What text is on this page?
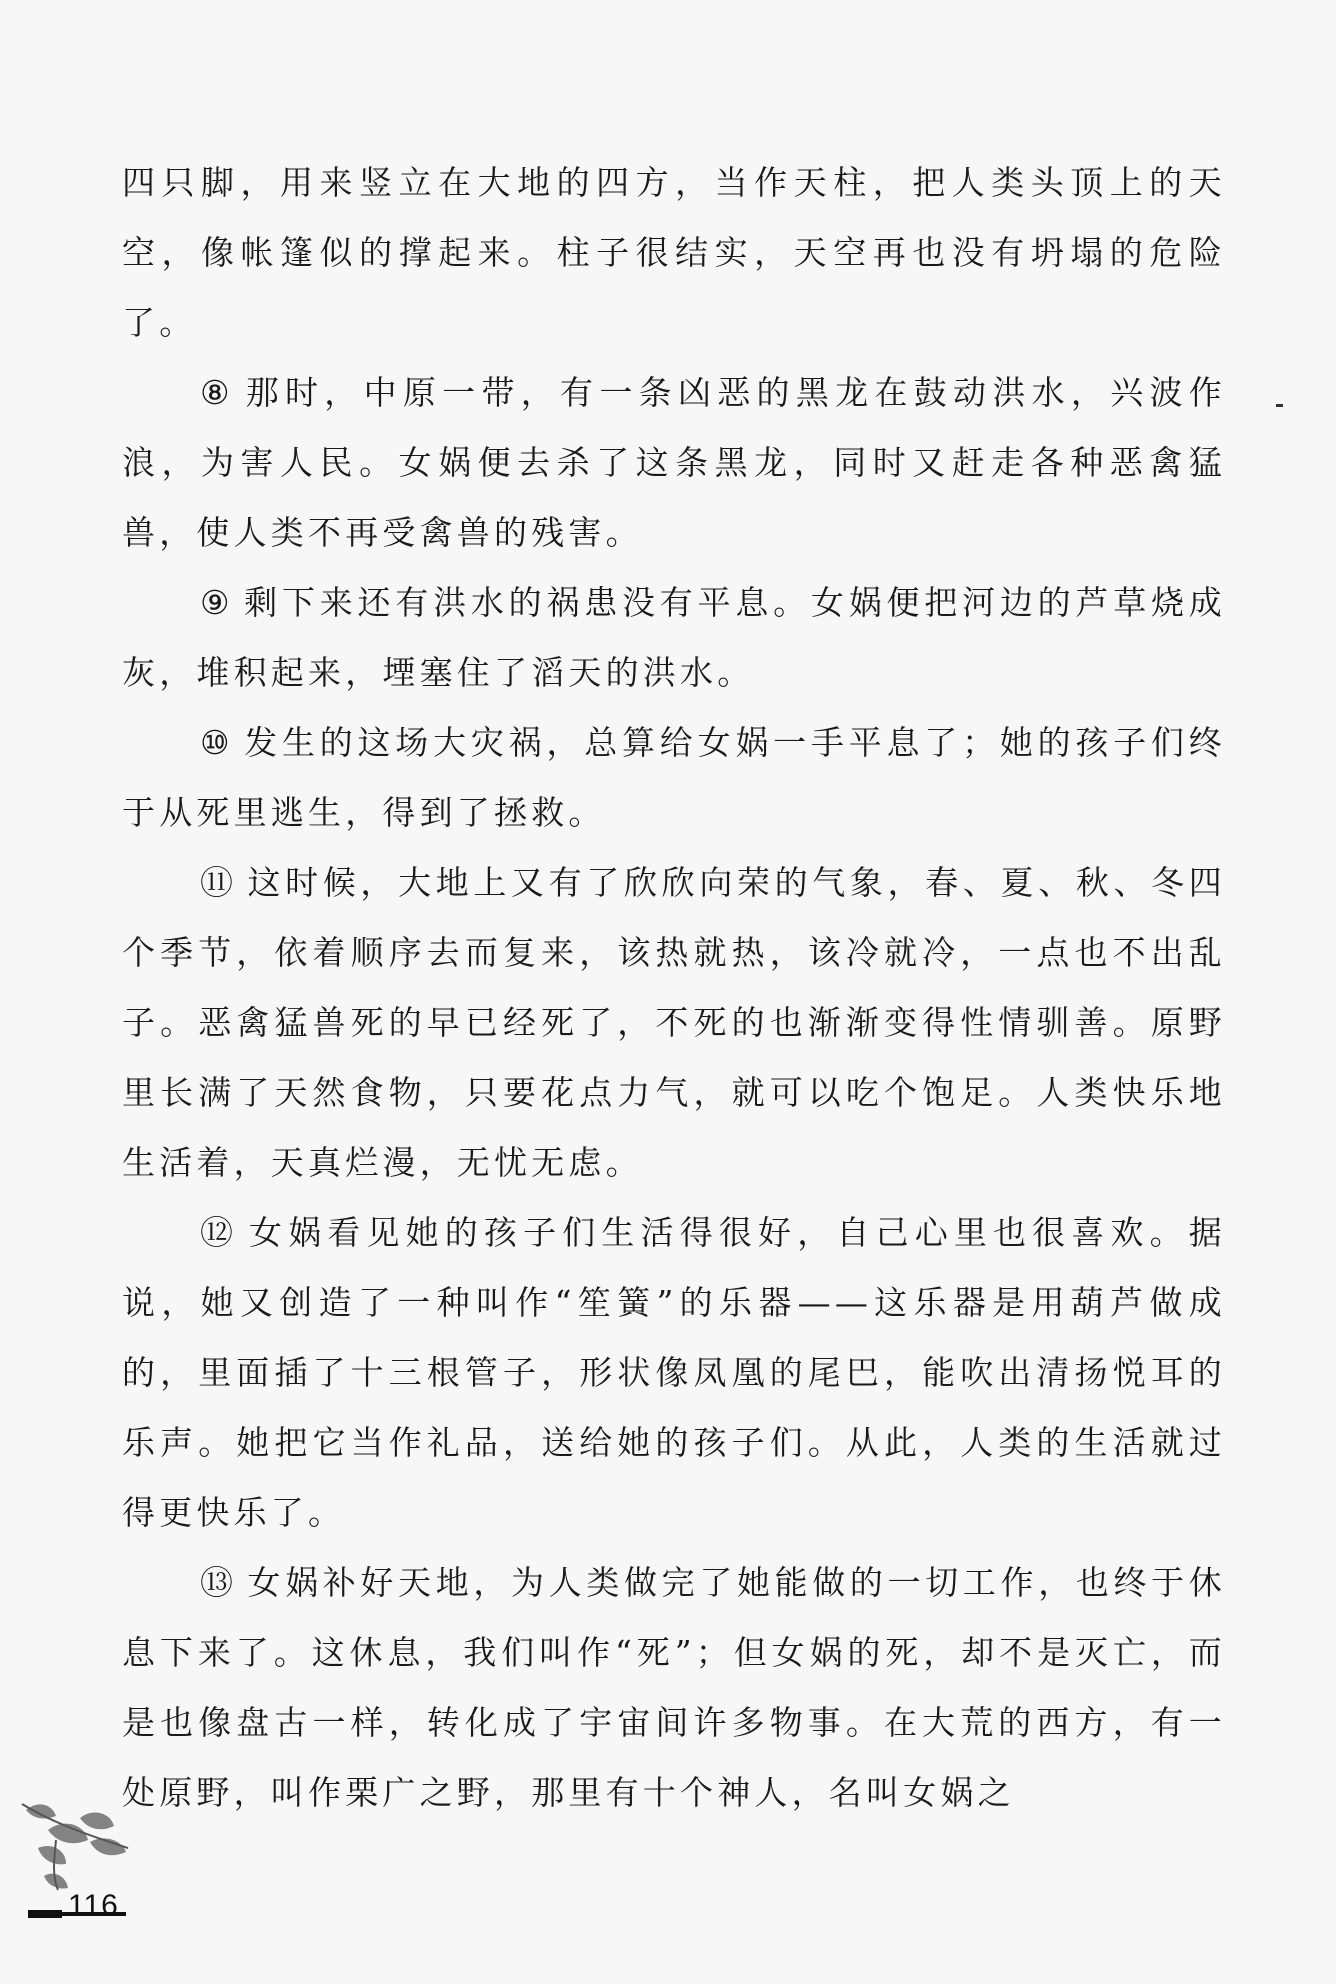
四只脚，用来竖立在大地的四方，当作天柱，把人类头顶上的天空，像帐篷似的撑起来。柱子很结实，天空再也没有坍塌的危险了。

⑧ 那时，中原一带，有一条凶恶的黑龙在鼓动洪水，兴波作浪，为害人民。女娲便去杀了这条黑龙，同时又赶走各种恶禽猛兽，使人类不再受禽兽的残害。

⑨ 剩下来还有洪水的祸患没有平息。女娲便把河边的芦草烧成灰，堆积起来，堙塞住了滔天的洪水。

⑩ 发生的这场大灾祸，总算给女娲一手平息了；她的孩子们终于从死里逃生，得到了拯救。

⑪ 这时候，大地上又有了欣欣向荣的气象，春、夏、秋、冬四个季节，依着顺序去而复来，该热就热，该冷就冷，一点也不出乱子。恶禽猛兽死的早已经死了，不死的也渐渐变得性情驯善。原野里长满了天然食物，只要花点力气，就可以吃个饱足。人类快乐地生活着，天真烂漫，无忧无虑。

⑫ 女娲看见她的孩子们生活得很好，自己心里也很喜欢。据说，她又创造了一种叫作“笙簧”的乐器——这乐器是用葫芦做成的，里面插了十三根管子，形状像凤凰的尾巴，能吹出清扬悦耳的乐声。她把它当作礼品，送给她的孩子们。从此，人类的生活就过得更快乐了。

⑬ 女娲补好天地，为人类做完了她能做的一切工作，也终于休息下来了。这休息，我们叫作“死”；但女娲的死，却不是灭亡，而是也像盘古一样，转化成了宇宙间许多物事。在大荒的西方，有一处原野，叫作栗广之野，那里有十个神人，名叫女娲之

116
